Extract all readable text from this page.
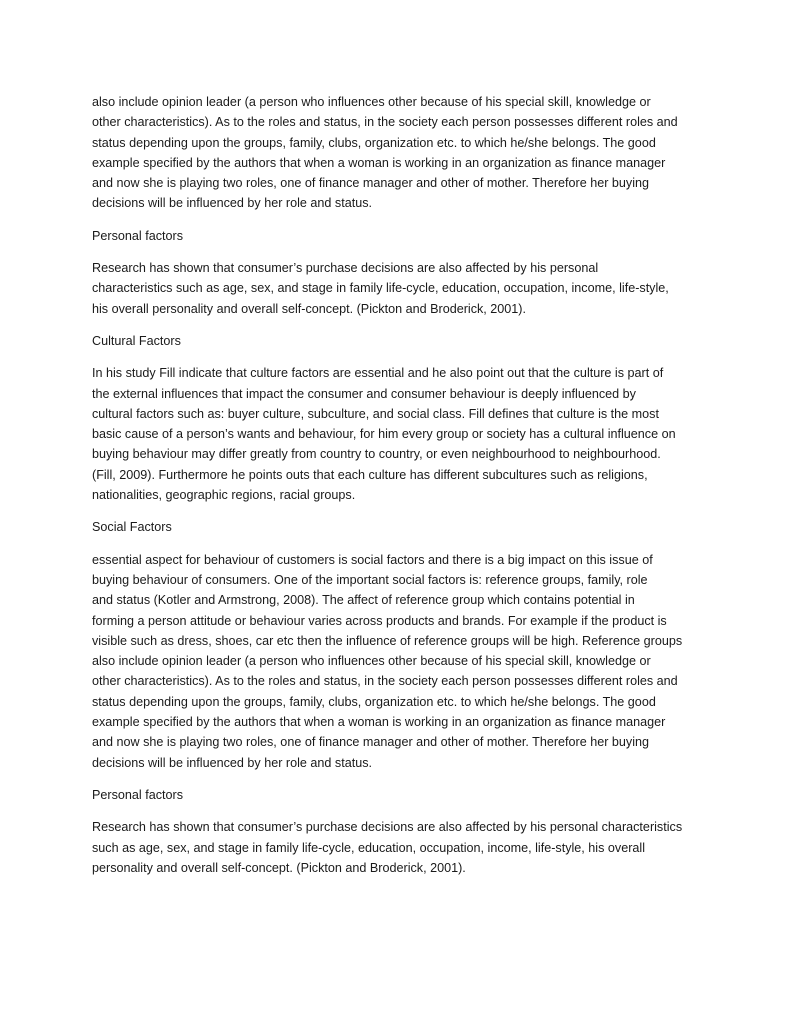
also include opinion leader (a person who influences other because of his special skill, knowledge or
other characteristics). As to the roles and status, in the society each person possesses different roles and
status depending upon the groups, family, clubs, organization etc. to which he/she belongs. The good
example specified by the authors that when a woman is working in an organization as finance manager
and now she is playing two roles, one of finance manager and other of mother. Therefore her buying
decisions will be influenced by her role and status.
Personal factors
Research has shown that consumer’s purchase decisions are also affected by his personal
characteristics such as age, sex, and stage in family life-cycle, education, occupation, income, life-style,
his overall personality and overall self-concept. (Pickton and Broderick, 2001).
Cultural Factors
In his study Fill indicate that culture factors are essential and he also point out that the culture is part of
the external influences that impact the consumer and consumer behaviour is deeply influenced by
cultural factors such as: buyer culture, subculture, and social class. Fill defines that culture is the most
basic cause of a person’s wants and behaviour, for him every group or society has a cultural influence on
buying behaviour may differ greatly from country to country, or even neighbourhood to neighbourhood.
(Fill, 2009). Furthermore he points outs that each culture has different subcultures such as religions,
nationalities, geographic regions, racial groups.
Social Factors
essential aspect for behaviour of customers is social factors and there is a big impact on this issue of
buying behaviour of consumers. One of the important social factors is: reference groups, family, role
and status (Kotler and Armstrong, 2008). The affect of reference group which contains potential in
forming a person attitude or behaviour varies across products and brands. For example if the product is
visible such as dress, shoes, car etc then the influence of reference groups will be high. Reference groups
also include opinion leader (a person who influences other because of his special skill, knowledge or
other characteristics). As to the roles and status, in the society each person possesses different roles and
status depending upon the groups, family, clubs, organization etc. to which he/she belongs. The good
example specified by the authors that when a woman is working in an organization as finance manager
and now she is playing two roles, one of finance manager and other of mother. Therefore her buying
decisions will be influenced by her role and status.
Personal factors
Research has shown that consumer’s purchase decisions are also affected by his personal characteristics
such as age, sex, and stage in family life-cycle, education, occupation, income, life-style, his overall
personality and overall self-concept. (Pickton and Broderick, 2001).
